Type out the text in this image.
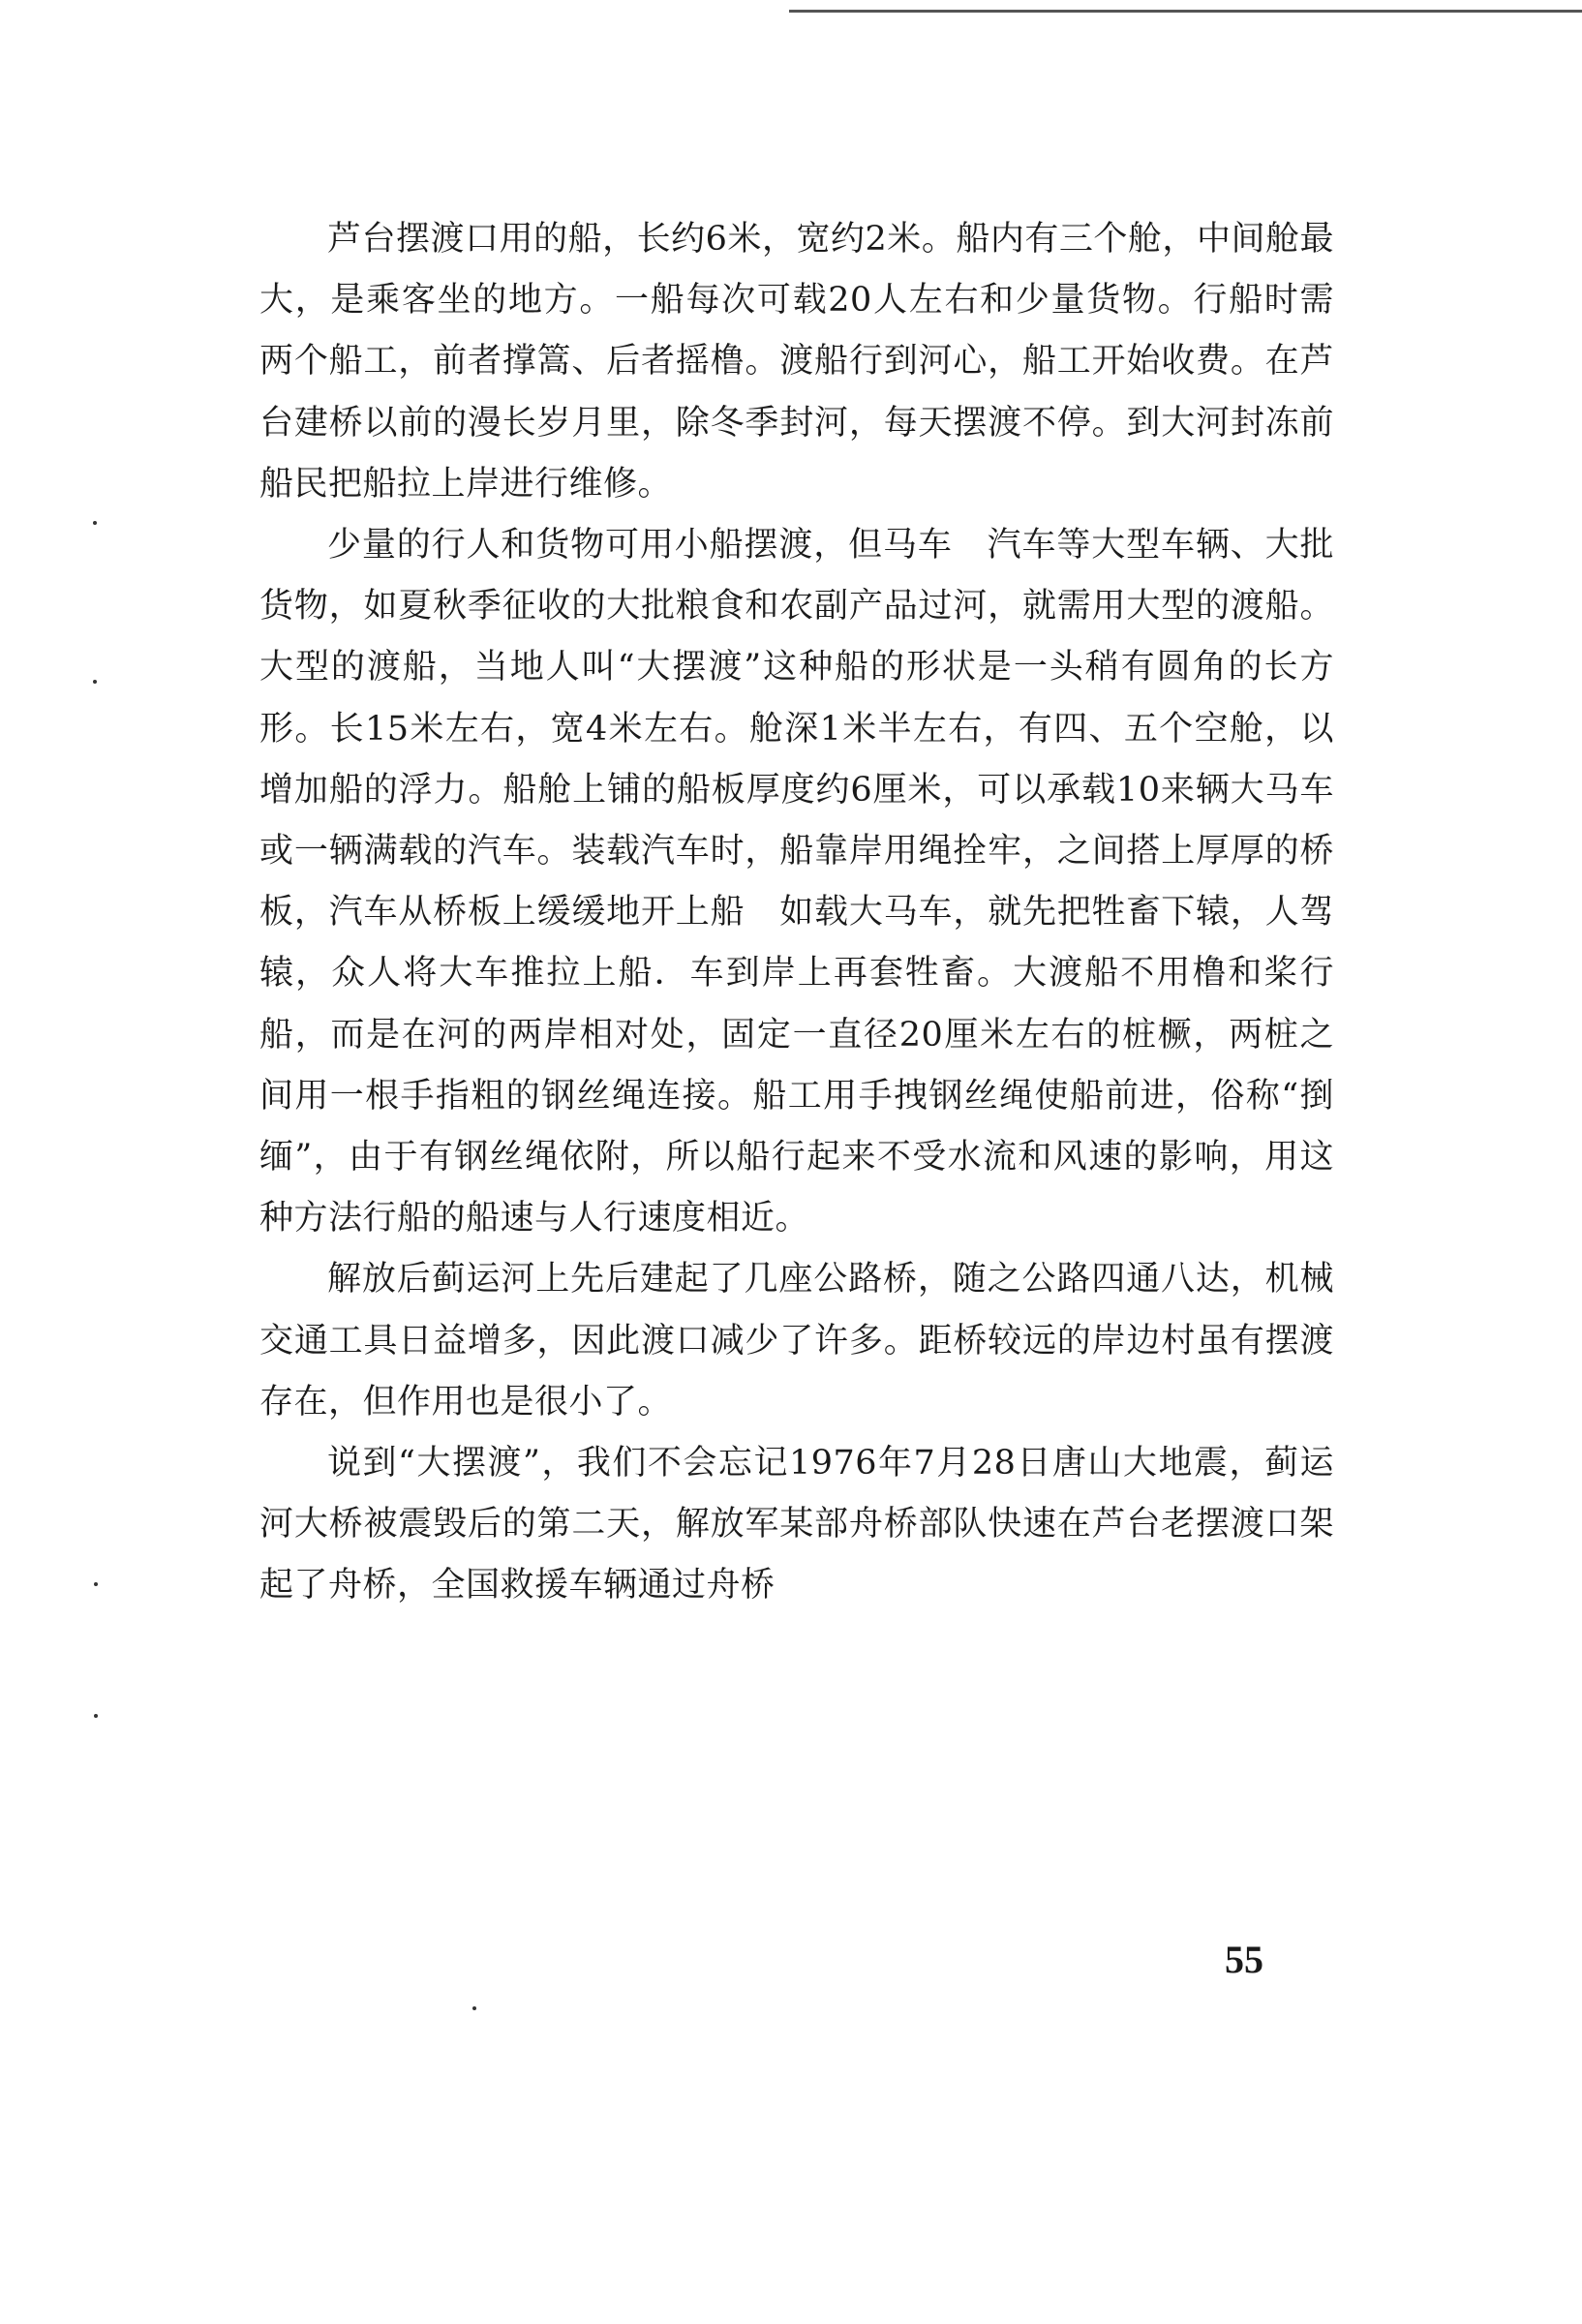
芦台摆渡口用的船，长约6米，宽约2米。船内有三个舱，中间舱最大，是乘客坐的地方。一船每次可载20人左右和少量货物。行船时需两个船工，前者撑篙、后者摇橹。渡船行到河心，船工开始收费。在芦台建桥以前的漫长岁月里，除冬季封河，每天摆渡不停。到大河封冻前　船民把船拉上岸进行维修。

少量的行人和货物可用小船摆渡，但马车　汽车等大型车辆、大批货物，如夏秋季征收的大批粮食和农副产品过河，就需用大型的渡船。大型的渡船，当地人叫“大摆渡”这种船的形状是一头稍有圆角的长方形。长15米左右，宽4米左右。舱深1米半左右，有四、五个空舱，以增加船的浮力。船舱上铺的船板厚度约6厘米，可以承载10来辆大马车或一辆满载的汽车。装载汽车时，船靠岸用绳拴牢，之间搭上厚厚的桥板，汽车从桥板上缓缓地开上船　如载大马车，就先把牲畜下辕，人驾辕，众人将大车推拉上船．车到岸上再套牲畜。大渡船不用橹和桨行船，而是在河的两岸相对处，固定一直径20厘米左右的桩橛，两桩之间用一根手指粗的钢丝绳连接。船工用手拽钢丝绳使船前进，俗称“捯缅”，由于有钢丝绳依附，所以船行起来不受水流和风速的影响，用这种方法行船的船速与人行速度相近。

解放后蓟运河上先后建起了几座公路桥，随之公路四通八达，机械交通工具日益增多，因此渡口减少了许多。距桥较远的岸边村虽有摆渡存在，但作用也是很小了。

说到“大摆渡”，我们不会忘记1976年7月28日唐山大地震，蓟运河大桥被震毁后的第二天，解放军某部舟桥部队快速在芦台老摆渡口架起了舟桥，全国救援车辆通过舟桥

55
